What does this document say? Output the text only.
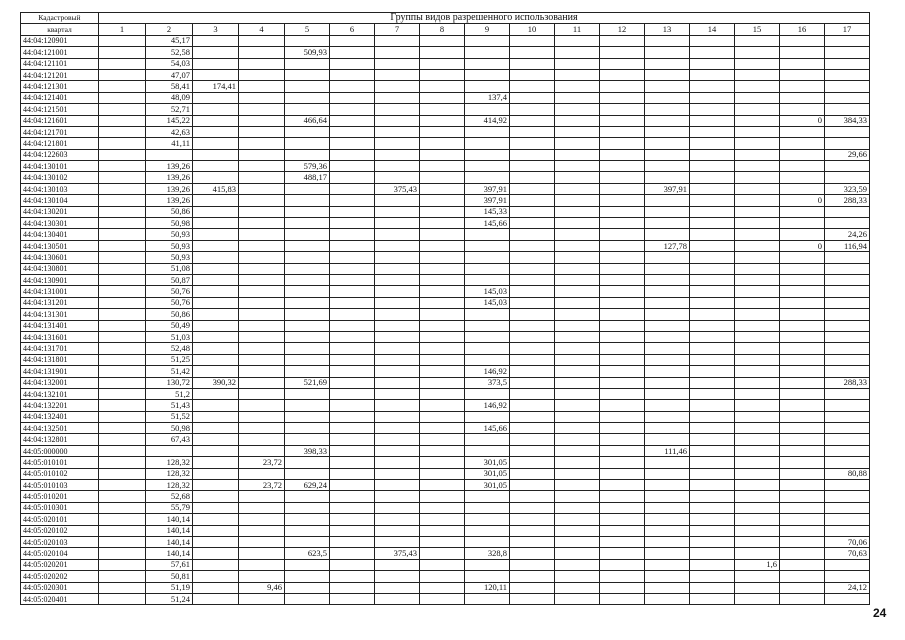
Кадастровый	Группы видов разрешенного использования																
квартал	1	2	3	4	5	6	7	8	9	10	11	12	13	14	15	16	17
44:04:120901		45,17															
44:04:121001		52,58			509,93												
44:04:121101		54,03															
44:04:121201		47,07															
44:04:121301		58,41	174,41														
44:04:121401		48,09							137,4								
44:04:121501		52,71															
44:04:121601		145,22			466,64				414,92							0	384,33
44:04:121701		42,63															
44:04:121801		41,11															
44:04:122603																	29,66
44:04:130101		139,26			579,36												
44:04:130102		139,26			488,17												
44:04:130103		139,26	415,83				375,43		397,91				397,91				323,59
44:04:130104		139,26							397,91							0	288,33
44:04:130201		50,86							145,33								
44:04:130301		50,98							145,66								
44:04:130401		50,93															24,26
44:04:130501		50,93											127,78			0	116,94
44:04:130601		50,93															
44:04:130801		51,08															
44:04:130901		50,87															
44:04:131001		50,76							145,03								
44:04:131201		50,76							145,03								
44:04:131301		50,86															
44:04:131401		50,49															
44:04:131601		51,03															
44:04:131701		52,48															
44:04:131801		51,25															
44:04:131901		51,42							146,92								
44:04:132001		130,72	390,32		521,69				373,5								288,33
44:04:132101		51,2															
44:04:132201		51,43							146,92								
44:04:132401		51,52															
44:04:132501		50,98							145,66								
44:04:132801		67,43															
44:05:000000					398,33								111,46				
44:05:010101		128,32		23,72					301,05								
44:05:010102		128,32							301,05								80,88
44:05:010103		128,32		23,72	629,24				301,05								
44:05:010201		52,68															
44:05:010301		55,79															
44:05:020101		140,14															
44:05:020102		140,14															
44:05:020103		140,14															70,06
44:05:020104		140,14			623,5		375,43		328,8								70,63
44:05:020201		57,61													1,6		
44:05:020202		50,81															
44:05:020301		51,19		9,46					120,11								24,12
44:05:020401		51,24															
24
